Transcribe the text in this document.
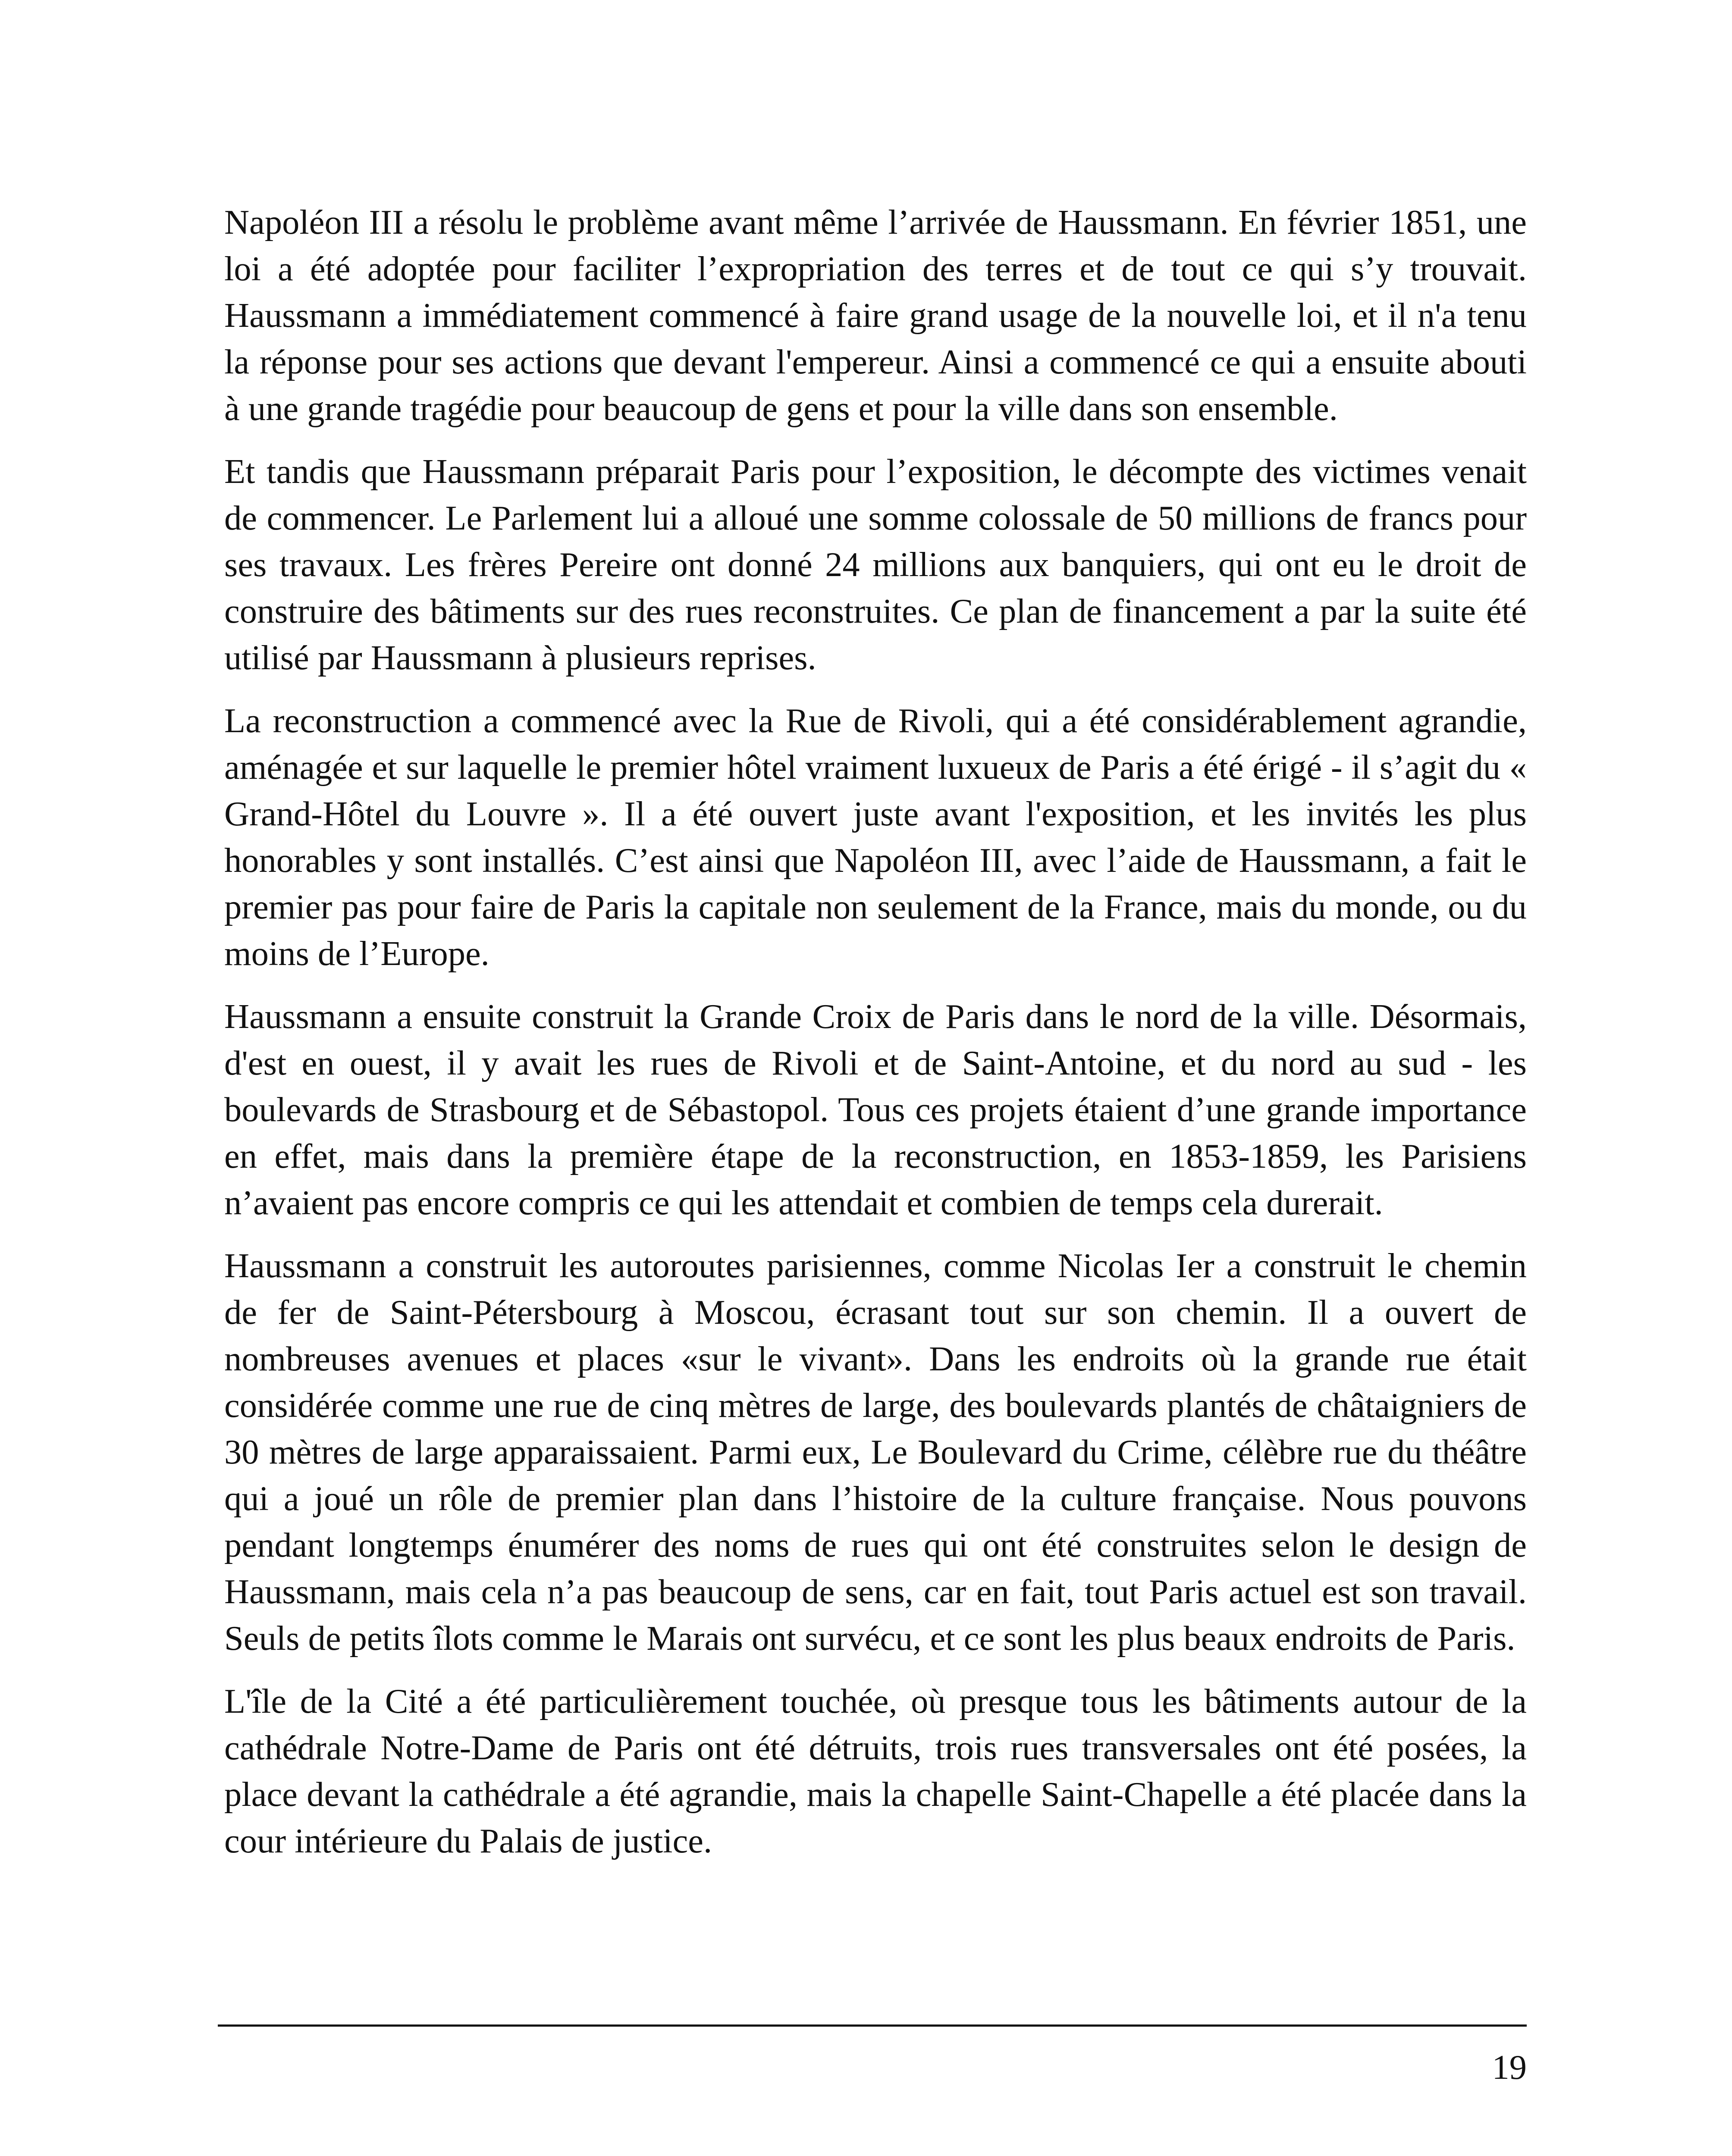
Napoléon III a résolu le problème avant même l’arrivée de Haussmann. En février 1851, une loi a été adoptée pour faciliter l’expropriation des terres et de tout ce qui s’y trouvait. Haussmann a immédiatement commencé à faire grand usage de la nouvelle loi, et il n'a tenu la réponse pour ses actions que devant l'empereur. Ainsi a commencé ce qui a ensuite abouti à une grande tragédie pour beaucoup de gens et pour la ville dans son ensemble.

Et tandis que Haussmann préparait Paris pour l’exposition, le décompte des victimes venait de commencer. Le Parlement lui a alloué une somme colossale de 50 millions de francs pour ses travaux. Les frères Pereire ont donné 24 millions aux banquiers, qui ont eu le droit de construire des bâtiments sur des rues reconstruites. Ce plan de financement a par la suite été utilisé par Haussmann à plusieurs reprises.

La reconstruction a commencé avec la Rue de Rivoli, qui a été considérablement agrandie, aménagée et sur laquelle le premier hôtel vraiment luxueux de Paris a été érigé - il s’agit du « Grand-Hôtel du Louvre ». Il a été ouvert juste avant l'exposition, et les invités les plus honorables y sont installés. C’est ainsi que Napoléon III, avec l’aide de Haussmann, a fait le premier pas pour faire de Paris la capitale non seulement de la France, mais du monde, ou du moins de l’Europe.

Haussmann a ensuite construit la Grande Croix de Paris dans le nord de la ville. Désormais, d'est en ouest, il y avait les rues de Rivoli et de Saint-Antoine, et du nord au sud - les boulevards de Strasbourg et de Sébastopol. Tous ces projets étaient d’une grande importance en effet, mais dans la première étape de la reconstruction, en 1853-1859, les Parisiens n’avaient pas encore compris ce qui les attendait et combien de temps cela durerait.

Haussmann a construit les autoroutes parisiennes, comme Nicolas Ier a construit le chemin de fer de Saint-Pétersbourg à Moscou, écrasant tout sur son chemin. Il a ouvert de nombreuses avenues et places «sur le vivant». Dans les endroits où la grande rue était considérée comme une rue de cinq mètres de large, des boulevards plantés de châtaigniers de 30 mètres de large apparaissaient. Parmi eux, Le Boulevard du Crime, célèbre rue du théâtre qui a joué un rôle de premier plan dans l’histoire de la culture française. Nous pouvons pendant longtemps énumérer des noms de rues qui ont été construites selon le design de Haussmann, mais cela n’a pas beaucoup de sens, car en fait, tout Paris actuel est son travail. Seuls de petits îlots comme le Marais ont survécu, et ce sont les plus beaux endroits de Paris.

L'île de la Cité a été particulièrement touchée, où presque tous les bâtiments autour de la cathédrale Notre-Dame de Paris ont été détruits, trois rues transversales ont été posées, la place devant la cathédrale a été agrandie, mais la chapelle Saint-Chapelle a été placée dans la cour intérieure du Palais de justice.

19
